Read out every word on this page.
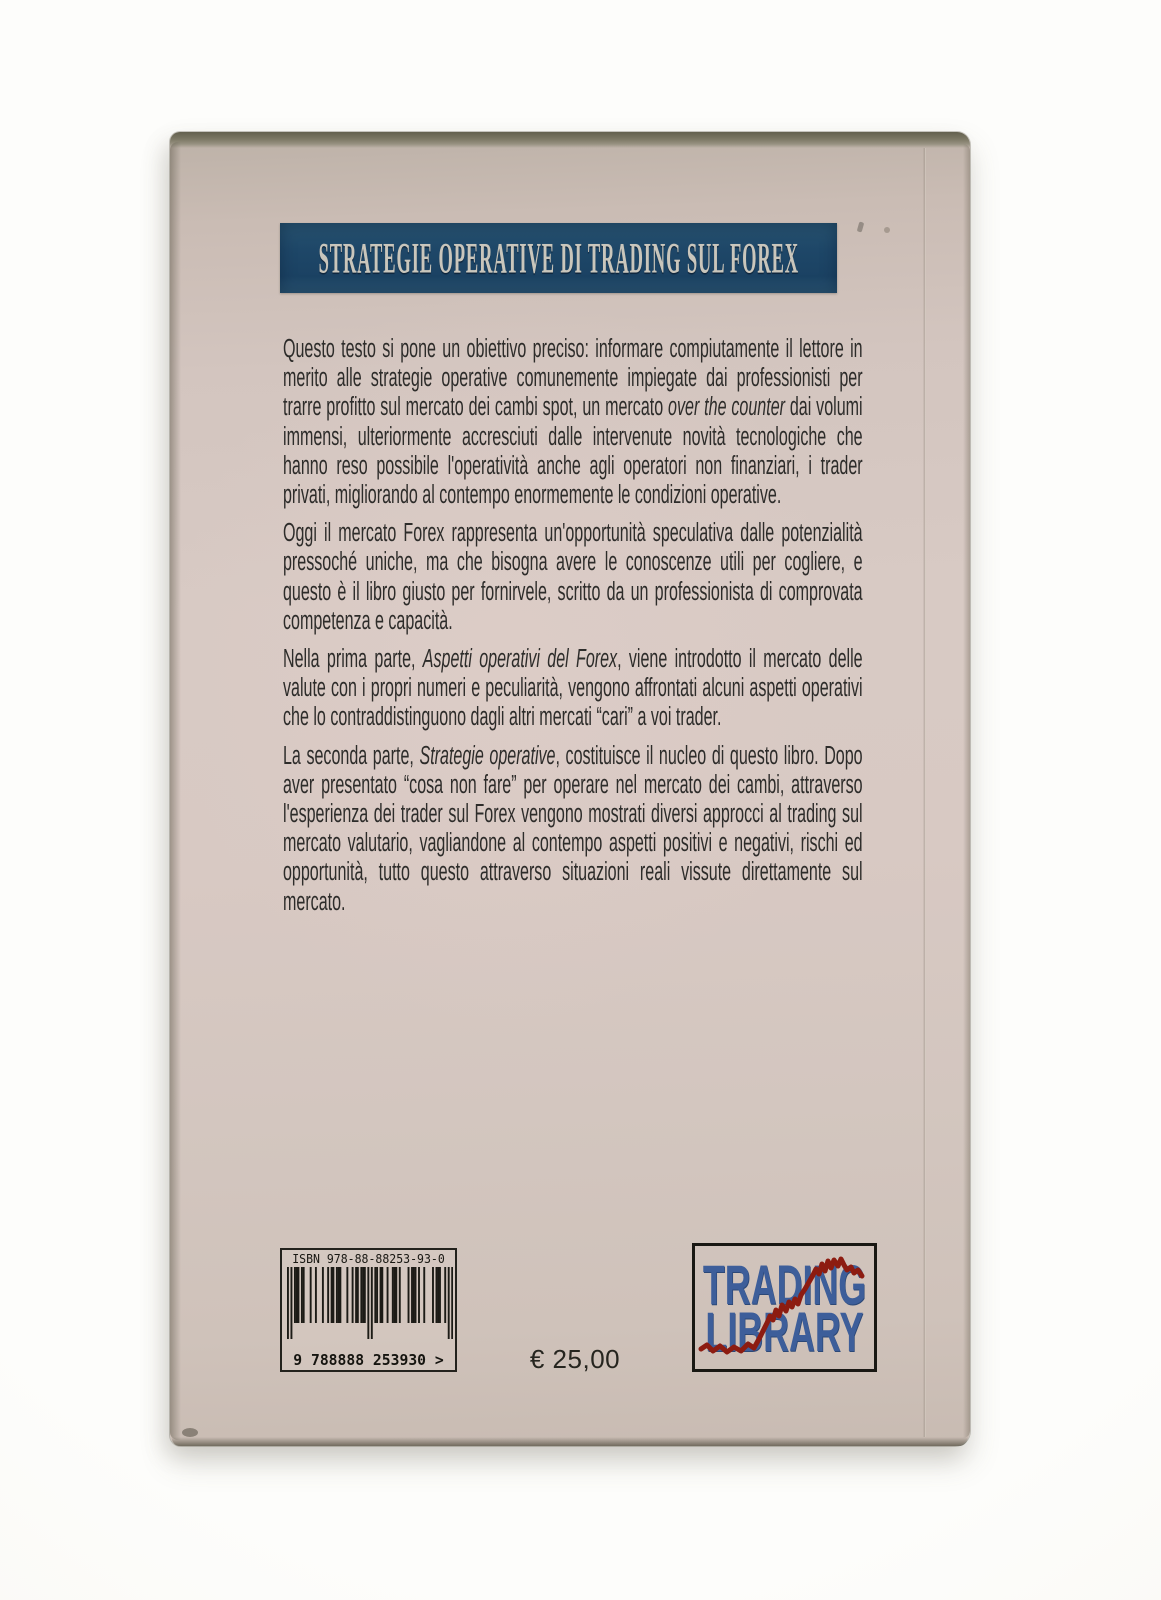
STRATEGIE OPERATIVE DI TRADING SUL FOREX

Questo testo si pone un obiettivo preciso: informare compiutamente il lettore in merito alle strategie operative comunemente impiegate dai professionisti per trarre profitto sul mercato dei cambi spot, un mercato over the counter dai volumi immensi, ulteriormente accresciuti dalle intervenute novità tecnologiche che hanno reso possibile l'operatività anche agli operatori non finanziari, i trader privati, migliorando al contempo enormemente le condizioni operative.

Oggi il mercato Forex rappresenta un'opportunità speculativa dalle potenzialità pressoché uniche, ma che bisogna avere le conoscenze utili per cogliere, e questo è il libro giusto per fornirvele, scritto da un professionista di comprovata competenza e capacità.

Nella prima parte, Aspetti operativi del Forex, viene introdotto il mercato delle valute con i propri numeri e peculiarità, vengono affrontati alcuni aspetti operativi che lo contraddistinguono dagli altri mercati “cari” a voi trader.

La seconda parte, Strategie operative, costituisce il nucleo di questo libro. Dopo aver presentato “cosa non fare” per operare nel mercato dei cambi, attraverso l'esperienza dei trader sul Forex vengono mostrati diversi approcci al trading sul mercato valutario, vagliandone al contempo aspetti positivi e negativi, rischi ed opportunità, tutto questo attraverso situazioni reali vissute direttamente sul mercato.

ISBN 978-88-88253-93-0
9 788888 253930 >	€ 25,00
TRADING
LIBRARY
